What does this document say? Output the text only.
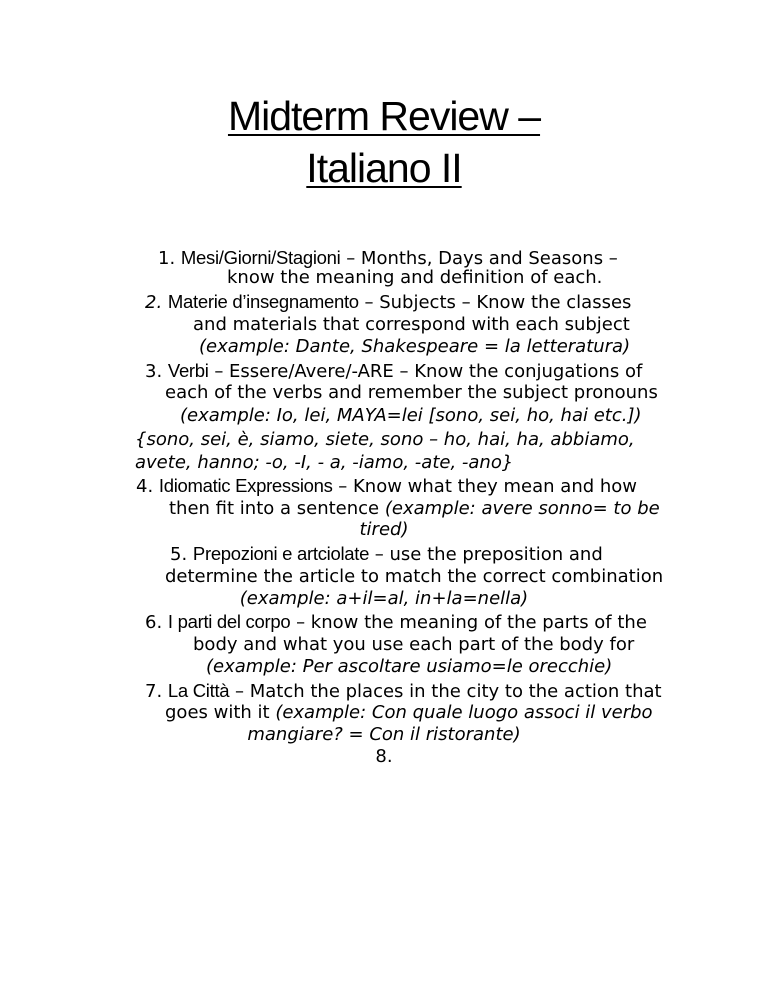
Midterm Review –
Italiano II
1. Mesi/Giorni/Stagioni – Months, Days and Seasons –
know the meaning and definition of each.
2. Materie d’insegnamento – Subjects – Know the classes
and materials that correspond with each subject
(example: Dante, Shakespeare = la letteratura)
3. Verbi – Essere/Avere/-ARE – Know the conjugations of
each of the verbs and remember the subject pronouns
(example: Io, lei, MAYA=lei [sono, sei, ho, hai etc.])
{sono, sei, è, siamo, siete, sono – ho, hai, ha, abbiamo,
avete, hanno; -o, -I, - a, -iamo, -ate, -ano}
4. Idiomatic Expressions – Know what they mean and how
then fit into a sentence (example: avere sonno= to be
tired)
5. Prepozioni e artciolate – use the preposition and
determine the article to match the correct combination
(example: a+il=al, in+la=nella)
6. I parti del corpo – know the meaning of the parts of the
body and what you use each part of the body for
(example: Per ascoltare usiamo=le orecchie)
7. La Città – Match the places in the city to the action that
goes with it (example: Con quale luogo associ il verbo
mangiare? = Con il ristorante)
8.
